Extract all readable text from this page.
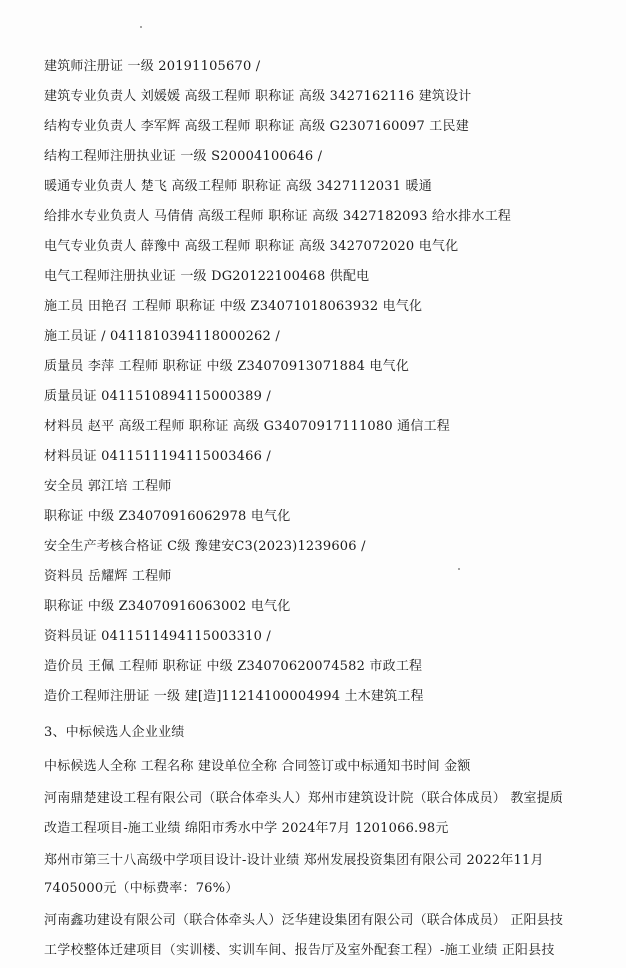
建筑师注册证 一级 20191105670 /
建筑专业负责人 刘媛媛 高级工程师 职称证 高级 3427162116 建筑设计
结构专业负责人 李军辉 高级工程师 职称证 高级 G2307160097 工民建
结构工程师注册执业证 一级 S20004100646 /
暖通专业负责人 楚飞 高级工程师 职称证 高级 3427112031 暖通
给排水专业负责人 马倩倩 高级工程师 职称证 高级 3427182093 给水排水工程
电气专业负责人 薛豫中 高级工程师 职称证 高级 3427072020 电气化
电气工程师注册执业证 一级 DG20122100468 供配电
施工员 田艳召 工程师 职称证 中级 Z34071018063932 电气化
施工员证 / 0411810394118000262 /
质量员 李萍 工程师 职称证 中级 Z34070913071884 电气化
质量员证 0411510894115000389 /
材料员 赵平 高级工程师 职称证 高级 G34070917111080 通信工程
材料员证 0411511194115003466 /
安全员 郭江培 工程师
职称证 中级 Z34070916062978 电气化
安全生产考核合格证 C级 豫建安C3(2023)1239606 /
资料员 岳耀辉 工程师
职称证 中级 Z34070916063002 电气化
资料员证 0411511494115003310 /
造价员 王佩 工程师 职称证 中级 Z34070620074582 市政工程
造价工程师注册证 一级 建[造]11214100004994 土木建筑工程
3、中标候选人企业业绩
中标候选人全称 工程名称 建设单位全称 合同签订或中标通知书时间 金额
河南鼎楚建设工程有限公司（联合体牵头人）郑州市建筑设计院（联合体成员） 教室提质
改造工程项目-施工业绩 绵阳市秀水中学 2024年7月 1201066.98元
郑州市第三十八高级中学项目设计-设计业绩 郑州发展投资集团有限公司 2022年11月
7405000元（中标费率：76%）
河南鑫功建设有限公司（联合体牵头人）泛华建设集团有限公司（联合体成员） 正阳县技
工学校整体迁建项目（实训楼、实训车间、报告厅及室外配套工程）-施工业绩 正阳县技
